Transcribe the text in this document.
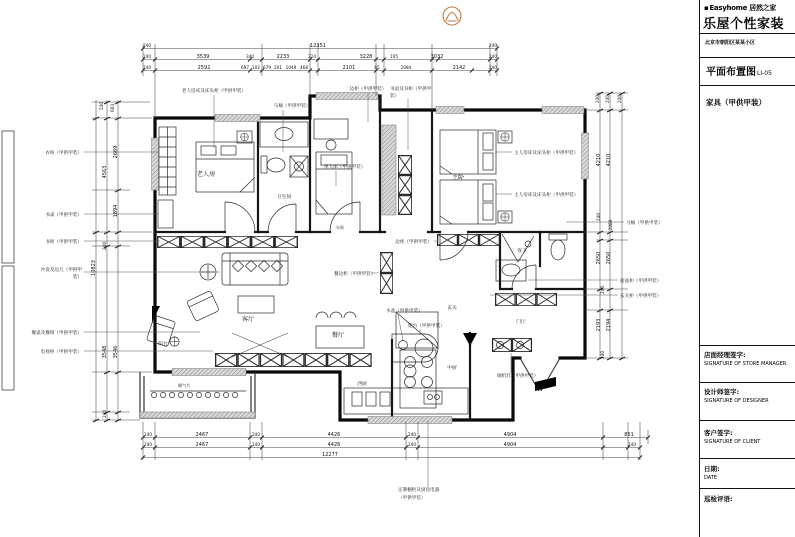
12351
3539	340	2233	224	3228	105	3032
2592	697 102 679 201 1049 468	2101	65	2084	2142
240
240
240
240
240
240
240	2467	240	4426	240	4904	851
240	2467	240	4426	240	4904	240
12277
240 603
2669
4563
1894
240
10823
3548 3546
240
240 240 240
4210 4210
240
2089
2650 2650
240
2193 2194
240
老人房床及床头柜（甲供甲装）
马桶（甲供甲装）
边柜（甲供甲装） 书桌及书柜（甲供甲
装）
单人床（甲供甲装）
主人房床及床头柜（甲供甲装）
主人房床及床头柜（甲供甲装）
边柜（甲供甲装）
餐边柜（甲供甲装）
水盆（甲供甲装）
吧台（甲供甲装）
烟机灶（甲供甲装）
衣柜（甲供甲装）
书桌（甲供甲装）
书柜（甲供甲装）
沙发及边几（甲供甲
装）
餐桌及餐椅（甲供甲装）
电视柜（甲供甲装）
马桶（甲供甲装）
面盆柜（甲供甲装）
玄关柜（甲供甲装）
定制橱柜及厨房电器
（甲供甲装）
暖气片
老人房
卫生间
主卧
客厅
餐厅
阳台
西厨
中厨
玄关
门厅
客卫
衣柜
▪Easyhome 居然之家
乐屋个性家装
北京市朝阳区某某小区
平面布置图LI-05
家具（甲供甲装）
店面经理签字:
SIGNATURE OF STORE MANAGER
设计师签字:
SIGNATURE OF DESIGNER
客户签字:
SIGNATURE OF CLIENT
日期:
DATE
巡检评语:
